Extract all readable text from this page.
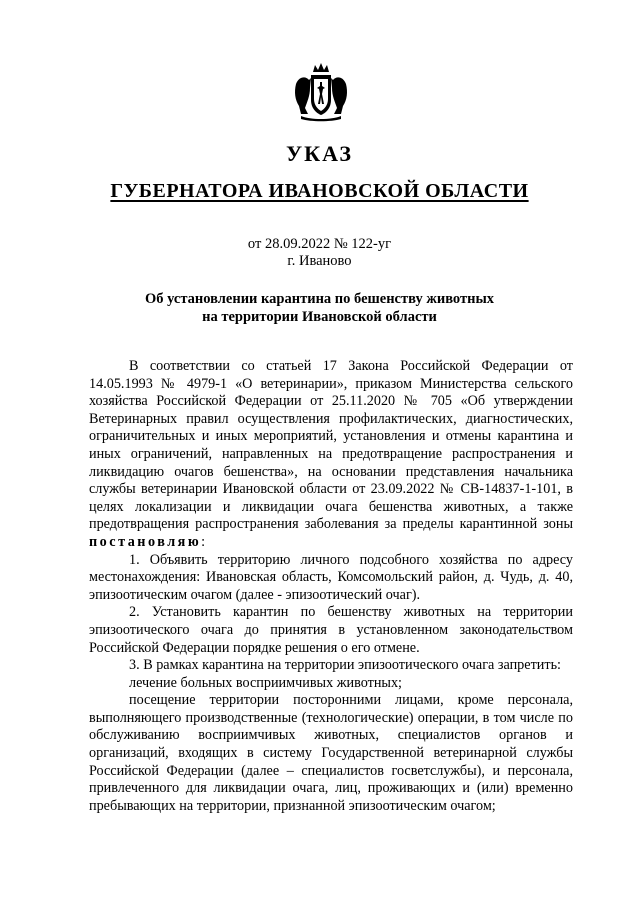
УКАЗ
ГУБЕРНАТОРА ИВАНОВСКОЙ ОБЛАСТИ
от 28.09.2022 № 122-уг
г. Иваново
Об установлении карантина по бешенству животных
на территории Ивановской области

В соответствии со статьей 17 Закона Российской Федерации от 14.05.1993 № 4979-1 «О ветеринарии», приказом Министерства сельского хозяйства Российской Федерации от 25.11.2020 № 705 «Об утверждении Ветеринарных правил осуществления профилактических, диагностических, ограничительных и иных мероприятий, установления и отмены карантина и иных ограничений, направленных на предотвращение распространения и ликвидацию очагов бешенства», на основании представления начальника службы ветеринарии Ивановской области от 23.09.2022 № СВ-14837-1-101, в целях локализации и ликвидации очага бешенства животных, а также предотвращения распространения заболевания за пределы карантинной зоны постановляю:

1. Объявить территорию личного подсобного хозяйства по адресу местонахождения: Ивановская область, Комсомольский район, д. Чудь, д. 40, эпизоотическим очагом (далее - эпизоотический очаг).

2. Установить карантин по бешенству животных на территории эпизоотического очага до принятия в установленном законодательством Российской Федерации порядке решения о его отмене.

3. В рамках карантина на территории эпизоотического очага запретить:

лечение больных восприимчивых животных;

посещение территории посторонними лицами, кроме персонала, выполняющего производственные (технологические) операции, в том числе по обслуживанию восприимчивых животных, специалистов органов и организаций, входящих в систему Государственной ветеринарной службы Российской Федерации (далее – специалистов госветслужбы), и персонала, привлеченного для ликвидации очага, лиц, проживающих и (или) временно пребывающих на территории, признанной эпизоотическим очагом;
